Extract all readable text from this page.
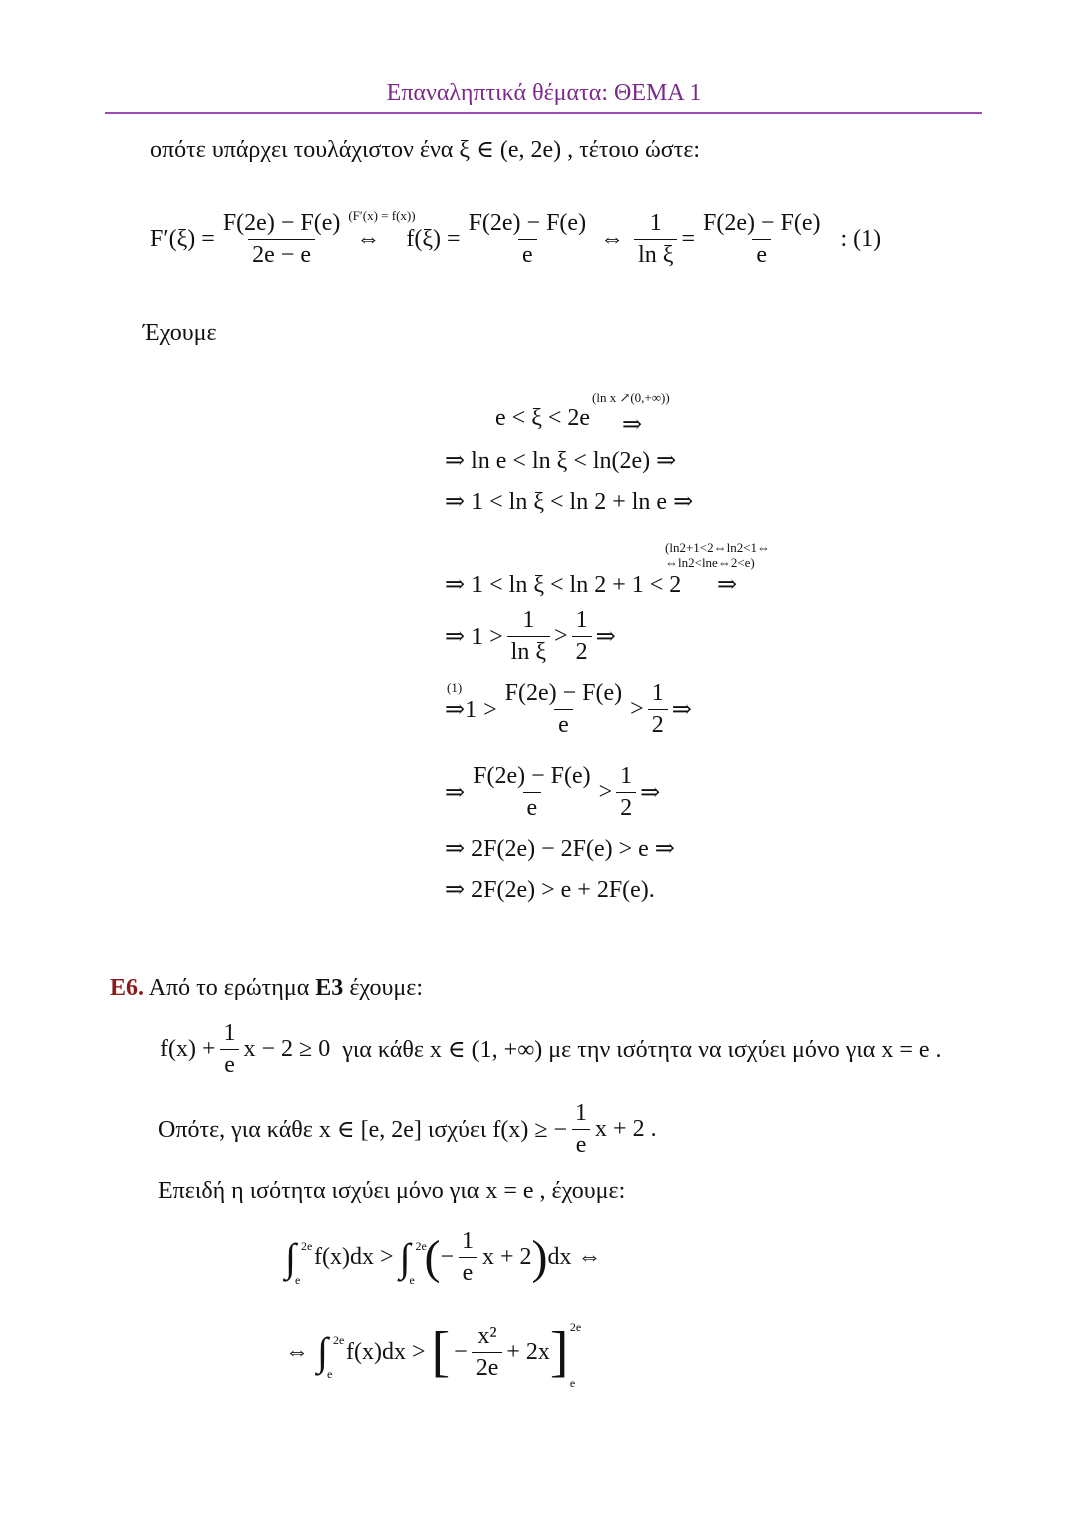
Επαναληπτικά θέματα: ΘΕΜΑ 1
οπότε υπάρχει τουλάχιστον ένα ξ ∈ (e, 2e) , τέτοιο ώστε:
$F'(\xi) = \frac{F(2e) - F(e)}{2e - e} (F'(x) = f(x))$
⇔ $f(\xi) = \frac{F(2e) - F(e)}{e}$ ⇔ $\frac{1}{\text{ln ξ}} = \frac{F(2e) - F(e)}{e}$ : (1)
Έχουμε
(ln x ↗(0,+∞))
e < ξ < 2e ⇒
⇒ ln e < ln ξ < ln(2e) ⇒
⇒ 1 < ln ξ < ln 2 + ln e ⇒
(ln2+1<2⇔ln2<1⇔
⇔ln2<lne⇔2<e)
⇒ 1 < ln ξ < ln 2 + 1 < 2 ⇒
⇒ $1 > \frac{1}{\text{ln ξ}} > \frac{1}{2}$ ⇒
(1)
⇒1 > $\frac{F(2e) - F(e)}{e} > \frac{1}{2}$ ⇒
⇒ $\frac{F(2e) - F(e)}{e} > \frac{1}{2}$ ⇒
⇒ 2F(2e) − 2F(e) > e ⇒
⇒ 2F(2e) > e + 2F(e).
Ε6. Από το ερώτημα Ε3 έχουμε:
$f(x) + \frac{1}{e}$ x − 2 ≥ 0 για κάθε x ∈ (1, +∞) με την ισότητα να ισχύει μόνο για x = e .
Οπότε, για κάθε x ∈ [e, 2e] ισχύει f(x) ≥ − $\frac{1}{e}$ x + 2 .
Επειδή η ισότητα ισχύει μόνο για x = e , έχουμε:
∫ 2e
e
f(x)dx > ∫ 2e
e ( − $\frac{1}{e}$ x + 2 ) dx ⇔
⇔ ∫ 2e
e
f(x)dx > [ − $\frac{\text{x²}}{2e} + 2x$ ] 2e
e
